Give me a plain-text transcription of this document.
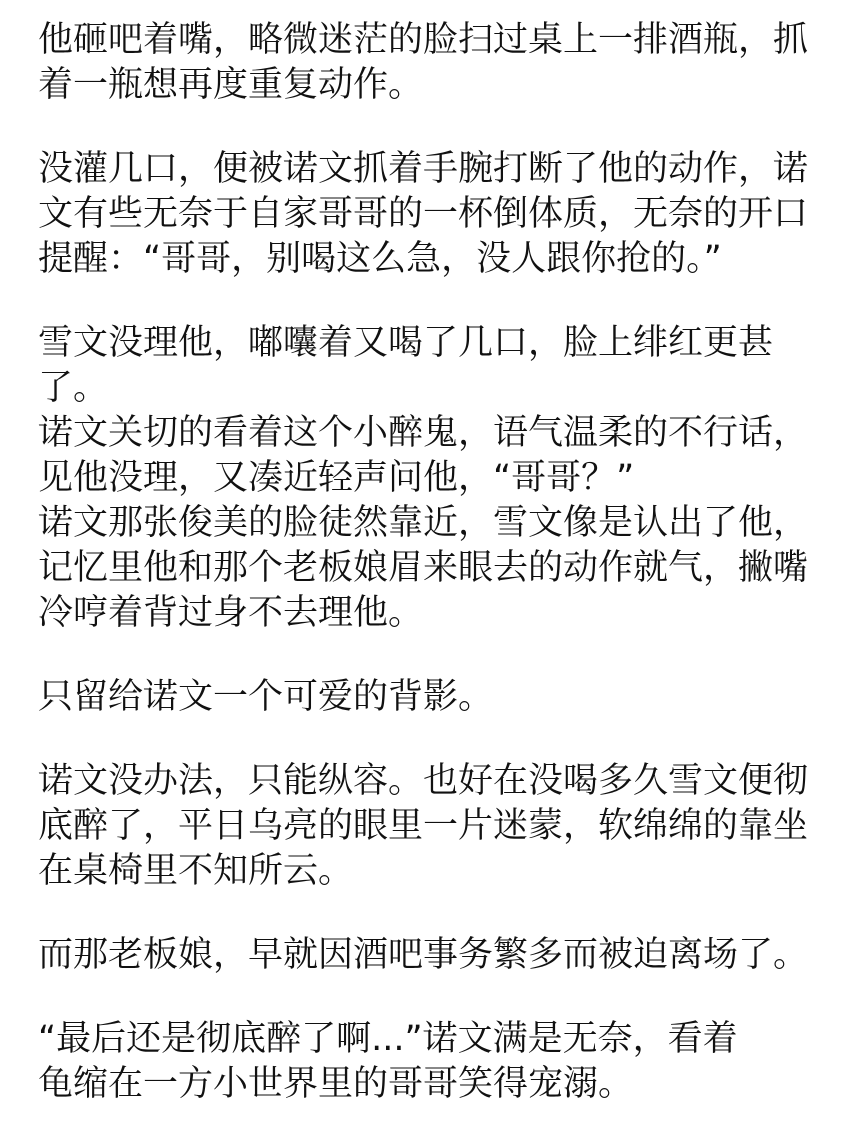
他砸吧着嘴，略微迷茫的脸扫过桌上一排酒瓶，抓
着一瓶想再度重复动作。
没灌几口，便被诺文抓着手腕打断了他的动作，诺
文有些无奈于自家哥哥的一杯倒体质，无奈的开口
提醒：“哥哥，别喝这么急，没人跟你抢的。”
雪文没理他，嘟囔着又喝了几口，脸上绯红更甚
了。
诺文关切的看着这个小醉鬼，语气温柔的不行话，
见他没理，又凑近轻声问他，“哥哥？”
诺文那张俊美的脸徒然靠近，雪文像是认出了他，
记忆里他和那个老板娘眉来眼去的动作就气，撇嘴
冷哼着背过身不去理他。
只留给诺文一个可爱的背影。
诺文没办法，只能纵容。也好在没喝多久雪文便彻
底醉了，平日乌亮的眼里一片迷蒙，软绵绵的靠坐
在桌椅里不知所云。
而那老板娘，早就因酒吧事务繁多而被迫离场了。
“最后还是彻底醉了啊...”诺文满是无奈，看着
龟缩在一方小世界里的哥哥笑得宠溺。
